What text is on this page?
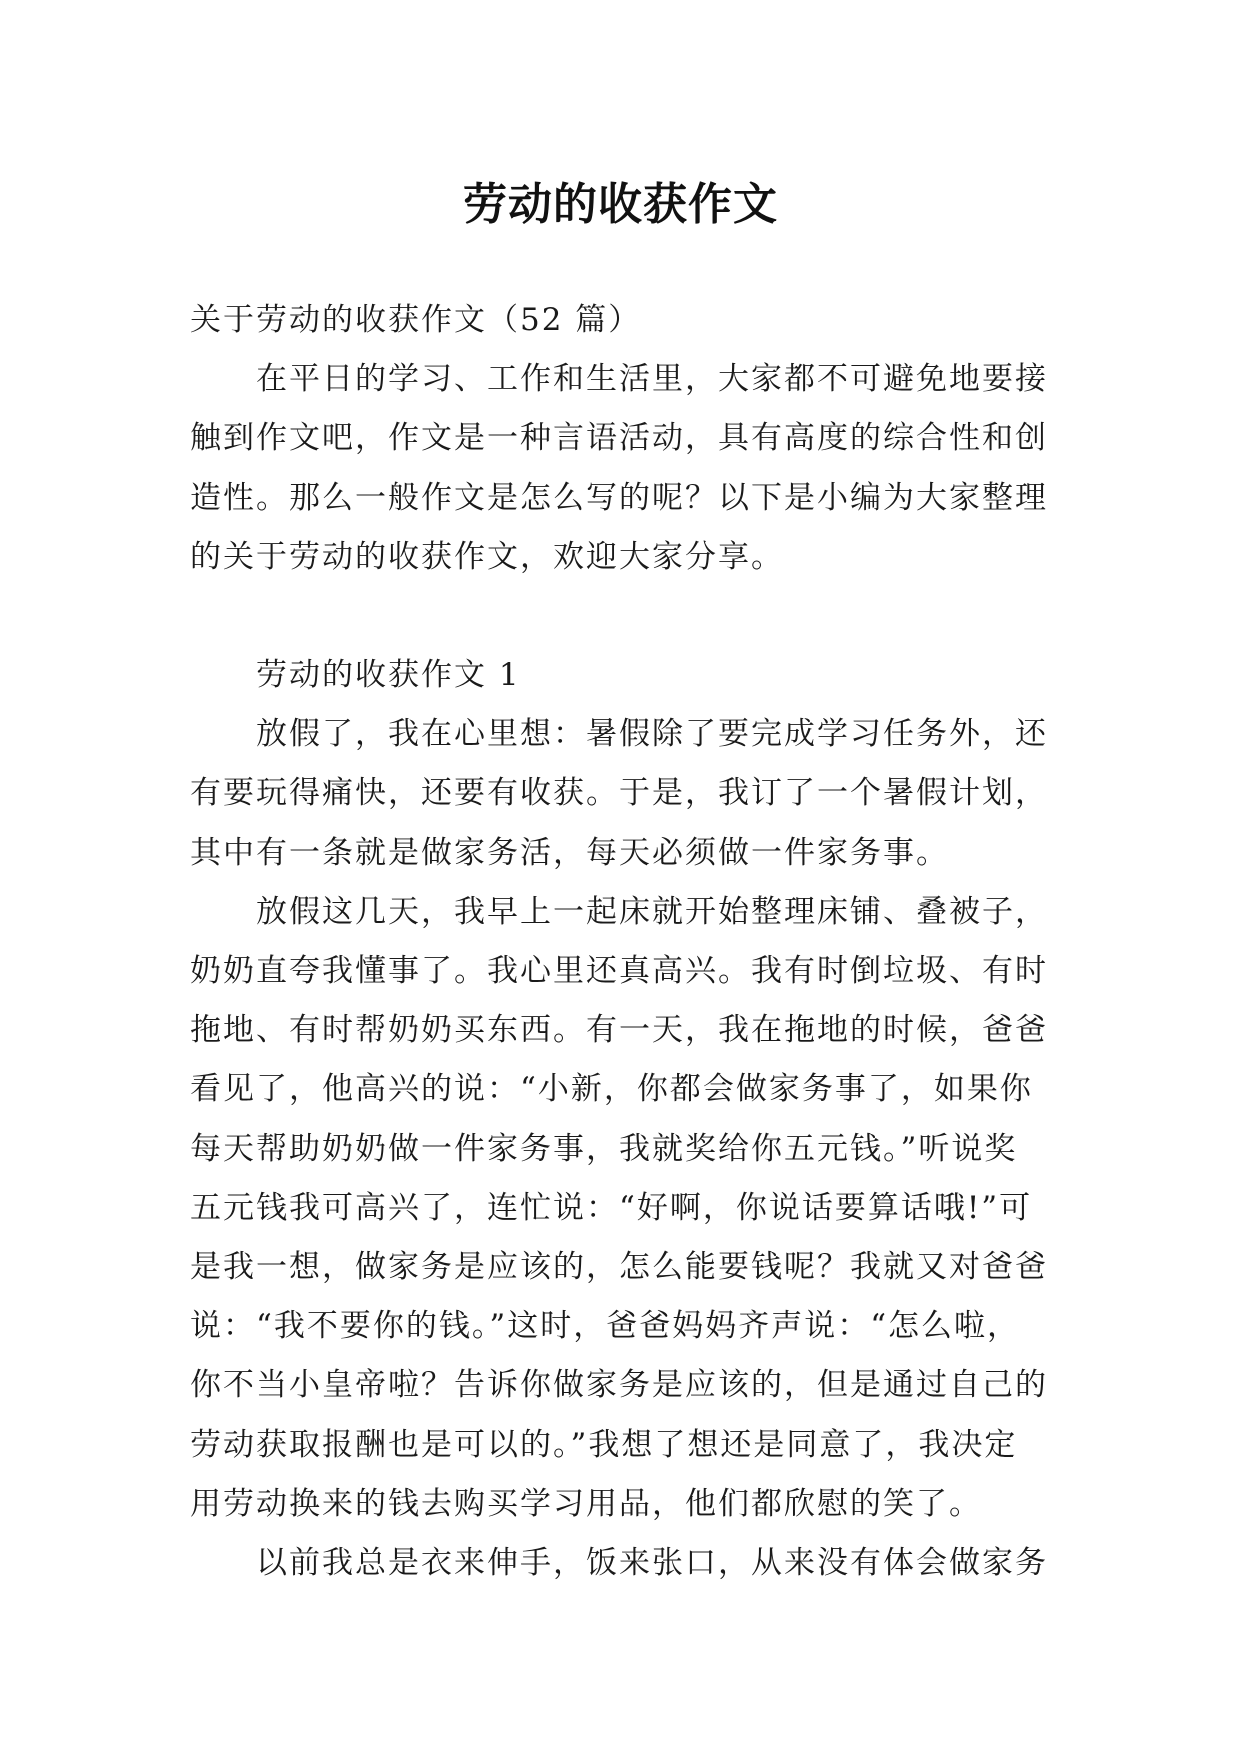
劳动的收获作文

关于劳动的收获作文（52 篇）

在平日的学习、工作和生活里，大家都不可避免地要接

触到作文吧，作文是一种言语活动，具有高度的综合性和创

造性。那么一般作文是怎么写的呢？以下是小编为大家整理

的关于劳动的收获作文，欢迎大家分享。

劳动的收获作文 1

放假了，我在心里想：暑假除了要完成学习任务外，还

有要玩得痛快，还要有收获。于是，我订了一个暑假计划，

其中有一条就是做家务活，每天必须做一件家务事。

放假这几天，我早上一起床就开始整理床铺、叠被子，

奶奶直夸我懂事了。我心里还真高兴。我有时倒垃圾、有时

拖地、有时帮奶奶买东西。有一天，我在拖地的时候，爸爸

看见了，他高兴的说：“小新，你都会做家务事了，如果你

每天帮助奶奶做一件家务事，我就奖给你五元钱。”听说奖

五元钱我可高兴了，连忙说：“好啊，你说话要算话哦!”可

是我一想，做家务是应该的，怎么能要钱呢？我就又对爸爸

说：“我不要你的钱。”这时，爸爸妈妈齐声说：“怎么啦，

你不当小皇帝啦？告诉你做家务是应该的，但是通过自己的

劳动获取报酬也是可以的。”我想了想还是同意了，我决定

用劳动换来的钱去购买学习用品，他们都欣慰的笑了。

以前我总是衣来伸手，饭来张口，从来没有体会做家务
